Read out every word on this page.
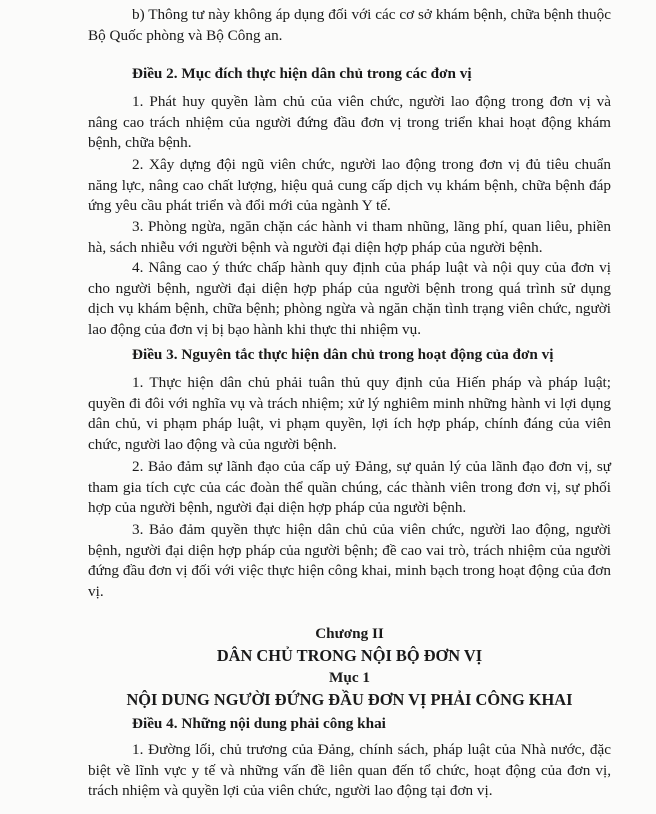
b) Thông tư này không áp dụng đối với các cơ sở khám bệnh, chữa bệnh thuộc Bộ Quốc phòng và Bộ Công an.

Điều 2. Mục đích thực hiện dân chủ trong các đơn vị

1. Phát huy quyền làm chủ của viên chức, người lao động trong đơn vị và nâng cao trách nhiệm của người đứng đầu đơn vị trong triển khai hoạt động khám bệnh, chữa bệnh.

2. Xây dựng đội ngũ viên chức, người lao động trong đơn vị đủ tiêu chuẩn năng lực, nâng cao chất lượng, hiệu quả cung cấp dịch vụ khám bệnh, chữa bệnh đáp ứng yêu cầu phát triển và đổi mới của ngành Y tế.

3. Phòng ngừa, ngăn chặn các hành vi tham nhũng, lãng phí, quan liêu, phiền hà, sách nhiễu với người bệnh và người đại diện hợp pháp của người bệnh.

4. Nâng cao ý thức chấp hành quy định của pháp luật và nội quy của đơn vị cho người bệnh, người đại diện hợp pháp của người bệnh trong quá trình sử dụng dịch vụ khám bệnh, chữa bệnh; phòng ngừa và ngăn chặn tình trạng viên chức, người lao động của đơn vị bị bạo hành khi thực thi nhiệm vụ.

Điều 3. Nguyên tắc thực hiện dân chủ trong hoạt động của đơn vị

1. Thực hiện dân chủ phải tuân thủ quy định của Hiến pháp và pháp luật; quyền đi đôi với nghĩa vụ và trách nhiệm; xử lý nghiêm minh những hành vi lợi dụng dân chủ, vi phạm pháp luật, vi phạm quyền, lợi ích hợp pháp, chính đáng của viên chức, người lao động và của người bệnh.

2. Bảo đảm sự lãnh đạo của cấp uỷ Đảng, sự quản lý của lãnh đạo đơn vị, sự tham gia tích cực của các đoàn thể quần chúng, các thành viên trong đơn vị, sự phối hợp của người bệnh, người đại diện hợp pháp của người bệnh.

3. Bảo đảm quyền thực hiện dân chủ của viên chức, người lao động, người bệnh, người đại diện hợp pháp của người bệnh; đề cao vai trò, trách nhiệm của người đứng đầu đơn vị đối với việc thực hiện công khai, minh bạch trong hoạt động của đơn vị.

Chương II

DÂN CHỦ TRONG NỘI BỘ ĐƠN VỊ

Mục 1

NỘI DUNG NGƯỜI ĐỨNG ĐẦU ĐƠN VỊ PHẢI CÔNG KHAI

Điều 4. Những nội dung phải công khai

1. Đường lối, chủ trương của Đảng, chính sách, pháp luật của Nhà nước, đặc biệt về lĩnh vực y tế và những vấn đề liên quan đến tổ chức, hoạt động của đơn vị, trách nhiệm và quyền lợi của viên chức, người lao động tại đơn vị.
